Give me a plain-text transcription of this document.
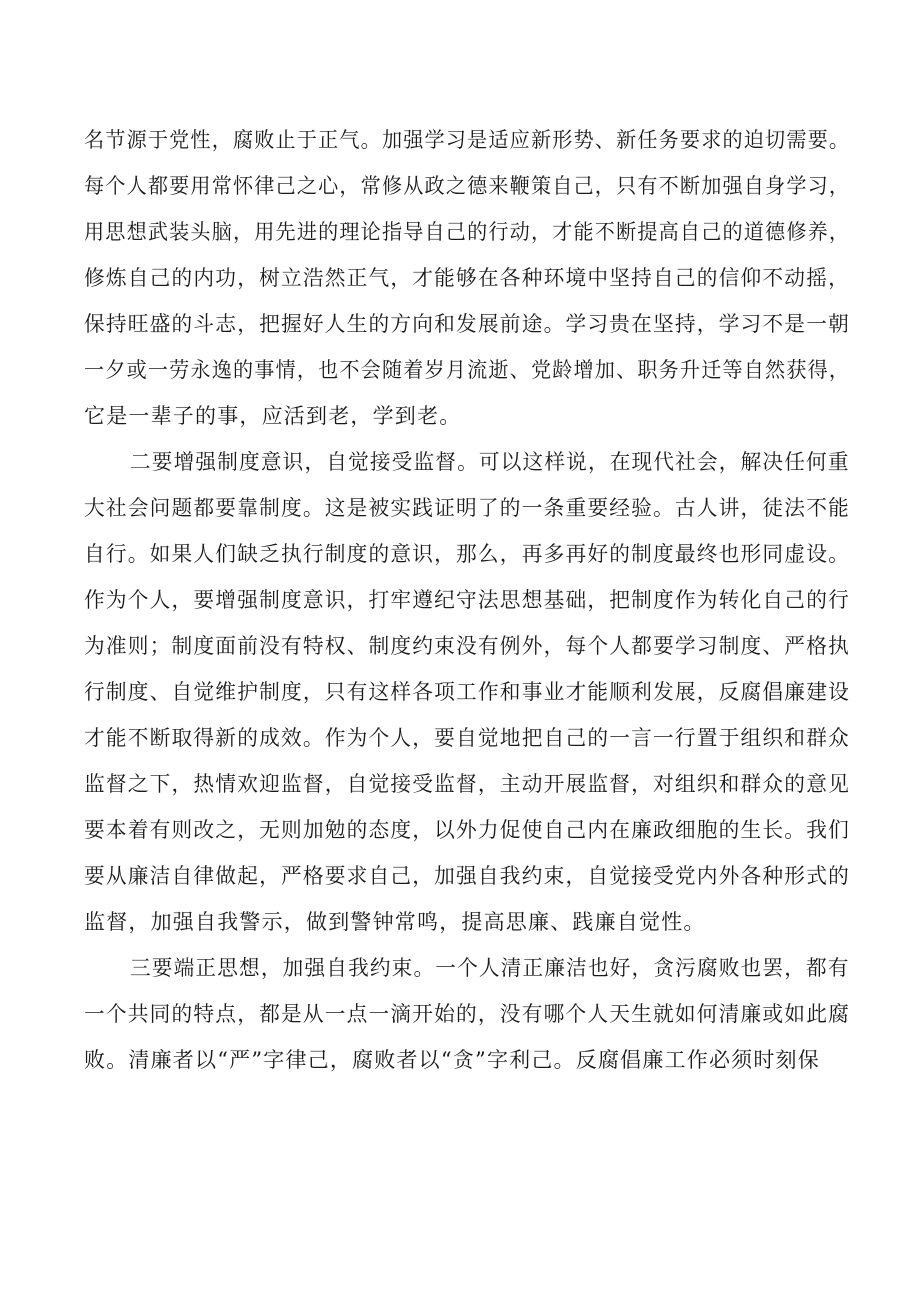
名节源于党性，腐败止于正气。加强学习是适应新形势、新任务要求的迫切需要。
每个人都要用常怀律己之心，常修从政之德来鞭策自己，只有不断加强自身学习，
用思想武装头脑，用先进的理论指导自己的行动，才能不断提高自己的道德修养，
修炼自己的内功，树立浩然正气，才能够在各种环境中坚持自己的信仰不动摇，
保持旺盛的斗志，把握好人生的方向和发展前途。学习贵在坚持，学习不是一朝
一夕或一劳永逸的事情，也不会随着岁月流逝、党龄增加、职务升迁等自然获得，
它是一辈子的事，应活到老，学到老。
二要增强制度意识，自觉接受监督。可以这样说，在现代社会，解决任何重
大社会问题都要靠制度。这是被实践证明了的一条重要经验。古人讲，徒法不能
自行。如果人们缺乏执行制度的意识，那么，再多再好的制度最终也形同虚设。
作为个人，要增强制度意识，打牢遵纪守法思想基础，把制度作为转化自己的行
为准则；制度面前没有特权、制度约束没有例外，每个人都要学习制度、严格执
行制度、自觉维护制度，只有这样各项工作和事业才能顺利发展，反腐倡廉建设
才能不断取得新的成效。作为个人，要自觉地把自己的一言一行置于组织和群众
监督之下，热情欢迎监督，自觉接受监督，主动开展监督，对组织和群众的意见
要本着有则改之，无则加勉的态度，以外力促使自己内在廉政细胞的生长。我们
要从廉洁自律做起，严格要求自己，加强自我约束，自觉接受党内外各种形式的
监督，加强自我警示，做到警钟常鸣，提高思廉、践廉自觉性。
三要端正思想，加强自我约束。一个人清正廉洁也好，贪污腐败也罢，都有
一个共同的特点，都是从一点一滴开始的，没有哪个人天生就如何清廉或如此腐
败。清廉者以“严”字律己，腐败者以“贪”字利己。反腐倡廉工作必须时刻保
